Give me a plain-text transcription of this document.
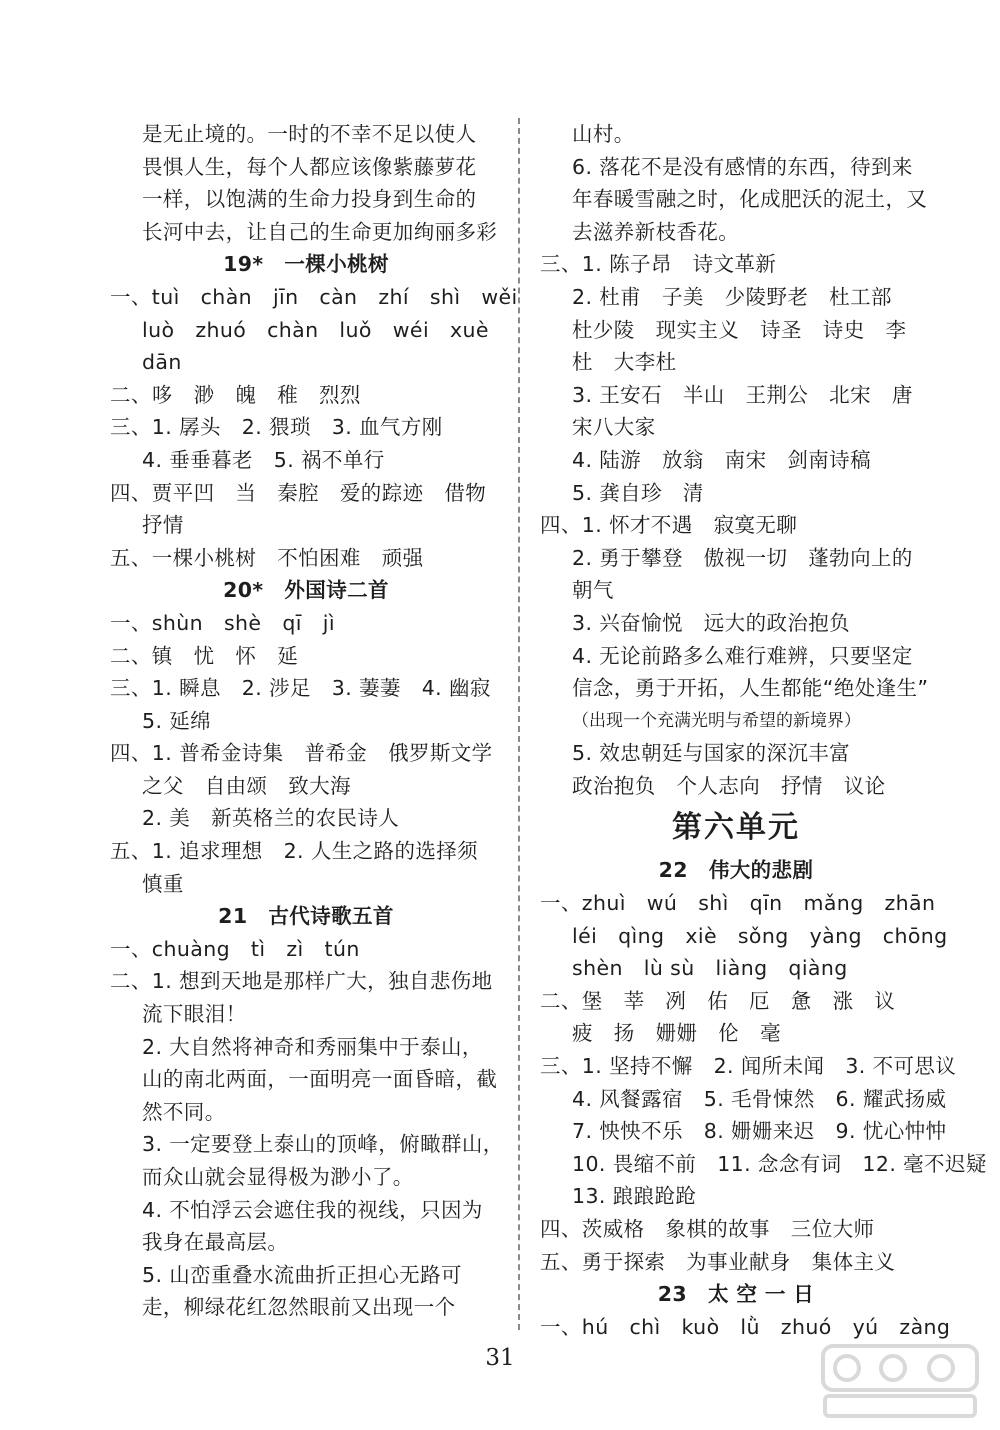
是无止境的。一时的不幸不足以使人
畏惧人生，每个人都应该像紫藤萝花
一样，以饱满的生命力投身到生命的
长河中去，让自己的生命更加绚丽多彩
19*　一棵小桃树
一、tuì　chàn　jīn　càn　zhí　shì　wěi
luò　zhuó　chàn　luǒ　wéi　xuè
dān
二、哆　渺　魄　稚　烈烈
三、1. 孱头　2. 猥琐　3. 血气方刚
4. 垂垂暮老　5. 祸不单行
四、贾平凹　当　秦腔　爱的踪迹　借物
抒情
五、一棵小桃树　不怕困难　顽强
20*　外国诗二首
一、shùn　shè　qī　jì
二、镇　忧　怀　延
三、1. 瞬息　2. 涉足　3. 萋萋　4. 幽寂
5. 延绵
四、1. 普希金诗集　普希金　俄罗斯文学
之父　自由颂　致大海
2. 美　新英格兰的农民诗人
五、1. 追求理想　2. 人生之路的选择须
慎重
21　古代诗歌五首
一、chuàng　tì　zì　tún
二、1. 想到天地是那样广大，独自悲伤地
流下眼泪！
2. 大自然将神奇和秀丽集中于泰山，
山的南北两面，一面明亮一面昏暗，截
然不同。
3. 一定要登上泰山的顶峰，俯瞰群山，
而众山就会显得极为渺小了。
4. 不怕浮云会遮住我的视线，只因为
我身在最高层。
5. 山峦重叠水流曲折正担心无路可
走，柳绿花红忽然眼前又出现一个
山村。
6. 落花不是没有感情的东西，待到来
年春暖雪融之时，化成肥沃的泥土，又
去滋养新枝香花。
三、1. 陈子昂　诗文革新
2. 杜甫　子美　少陵野老　杜工部
杜少陵　现实主义　诗圣　诗史　李
杜　大李杜
3. 王安石　半山　王荆公　北宋　唐
宋八大家
4. 陆游　放翁　南宋　剑南诗稿
5. 龚自珍　清
四、1. 怀才不遇　寂寞无聊
2. 勇于攀登　傲视一切　蓬勃向上的
朝气
3. 兴奋愉悦　远大的政治抱负
4. 无论前路多么难行难辨，只要坚定
信念，勇于开拓，人生都能“绝处逢生”
（出现一个充满光明与希望的新境界）
5. 效忠朝廷与国家的深沉丰富
政治抱负　个人志向　抒情　议论
第六单元
22　伟大的悲剧
一、zhuì　wú　shì　qīn　mǎng　zhān
léi　qìng　xiè　sǒng　yàng　chōng
shèn　lù sù　liàng　qiàng
二、堡　莘　冽　佑　厄　惫　涨　议
疲　扬　姗姗　伦　毫
三、1. 坚持不懈　2. 闻所未闻　3. 不可思议
4. 风餐露宿　5. 毛骨悚然　6. 耀武扬威
7. 怏怏不乐　8. 姗姗来迟　9. 忧心忡忡
10. 畏缩不前　11. 念念有词　12. 毫不迟疑
13. 踉踉跄跄
四、茨威格　象棋的故事　三位大师
五、勇于探索　为事业献身　集体主义
23　太 空 一 日
一、hú　chì　kuò　lǜ　zhuó　yú　zàng
31
